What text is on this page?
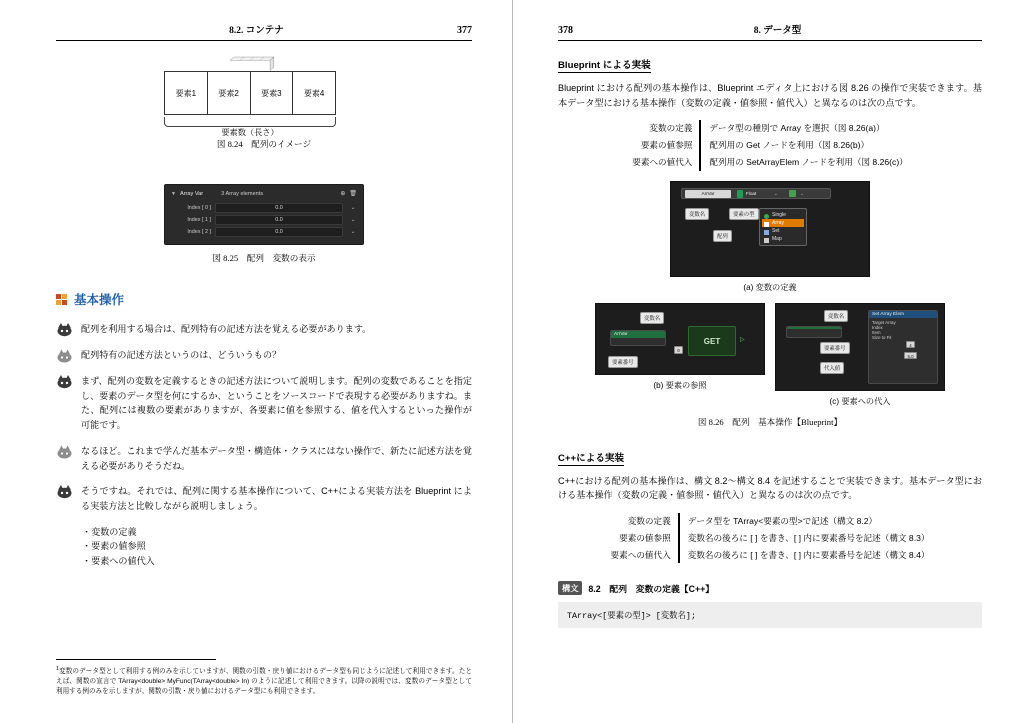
8.2. コンテナ	377
要素1	要素2	要素3	要素4
要素数（長さ）
図 8.24　配列のイメージ
▼ Array Var	3 Array elements	⊕ 🗑
Index [ 0 ]	0.0	⌄
Index [ 1 ]	0.0	⌄
Index [ 2 ]	0.0	⌄
図 8.25　配列　変数の表示
基本操作
配列を利用する場合は、配列特有の記述方法を覚える必要があります。
配列特有の記述方法というのは、どういうもの？
まず、配列の変数を定義するときの記述方法について説明します。配列の変数であることを指定し、要素のデータ型を何にするか、ということをソースコードで表現する必要がありますね。また、配列には複数の要素がありますが、各要素に値を参照する、値を代入するといった操作が可能です。
なるほど。これまで学んだ基本データ型・構造体・クラスにはない操作で、新たに記述方法を覚える必要がありそうだね。
そうですね。それでは、配列に関する基本操作について、C++による実装方法を Blueprint による実装方法と比較しながら説明しましょう。
・ 変数の定義
・ 要素の値参照
・ 要素への値代入
$^1$変数のデータ型として利用する例のみを示していますが、関数の引数・戻り値におけるデータ型も同じように記述して利用できます。たとえば、関数の宣言で TArray<double> MyFunc(TArray<double> In) のように記述して利用できます。以降の説明では、変数のデータ型として利用する例のみを示しますが、関数の引数・戻り値におけるデータ型にも利用できます。
378	8. データ型
Blueprint による実装
Blueprint における配列の基本操作は、Blueprint エディタ上における図 8.26 の操作で実装できます。基本データ型における基本操作（変数の定義・値参照・値代入）と異なるのは次の点です。
変数の定義	データ型の種別で Array を選択（図 8.26(a)）
要素の値参照	配列用の Get ノードを利用（図 8.26(b)）
要素への値代入	配列用の SetArrayElem ノードを利用（図 8.26(c)）
ArrVar	Float	⌄	⌄
変数名	要素の型
配列
Single
Array
Set
Map
(a) 変数の定義
変数名
要素番号
ArrVar
GET
0
▷
(b) 要素の参照
変数名
要素番号
代入値
Set Array Elem
Target Array
Index
Item
Size to Fit
4
5.0
(c) 要素への代入
図 8.26　配列　基本操作【Blueprint】
C++による実装
C++における配列の基本操作は、構文 8.2〜構文 8.4 を記述することで実装できます。基本データ型における基本操作（変数の定義・値参照・値代入）と異なるのは次の点です。
変数の定義	データ型を TArray<要素の型>で記述（構文 8.2）
要素の値参照	変数名の後ろに [ ] を書き、[ ] 内に要素番号を記述（構文 8.3）
要素への値代入	変数名の後ろに [ ] を書き、[ ] 内に要素番号を記述（構文 8.4）
構文	8.2　配列　変数の定義【C++】
TArray<[要素の型]> [変数名];
